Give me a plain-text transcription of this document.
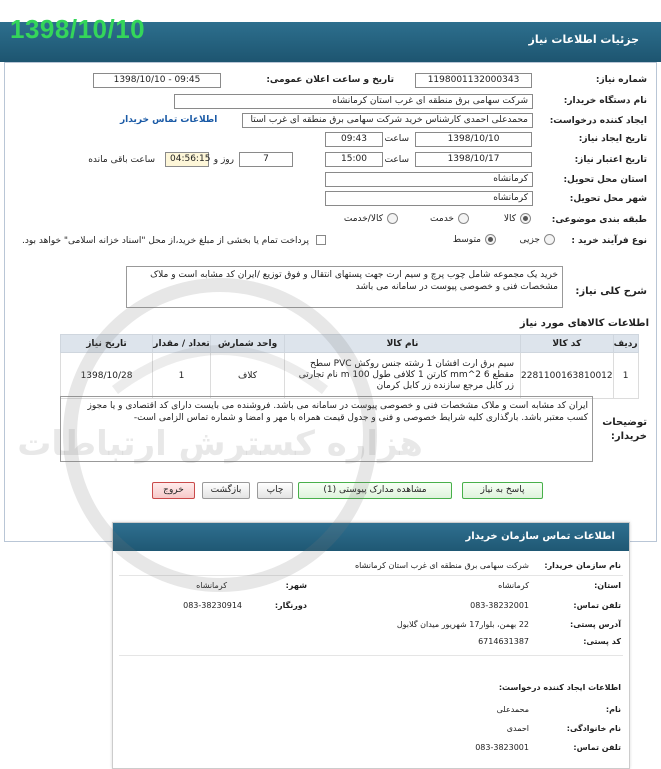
جزئیات اطلاعات نیاز
1398/10/10
شماره نیاز:
1198001132000343
تاریخ و ساعت اعلان عمومی:
1398/10/10 - 09:45
نام دستگاه خریدار:
شرکت سهامی برق منطقه ای غرب استان کرمانشاه
ایجاد کننده درخواست:
محمدعلی احمدی کارشناس خرید شرکت سهامی برق منطقه ای غرب استا
اطلاعات تماس خریدار
تاریخ ایجاد نیاز:
1398/10/10
ساعت
09:43
تاریخ اعتبار نیاز:
1398/10/17
ساعت
15:00
7
روز و
04:56:15
ساعت باقی مانده
استان محل تحویل:
کرمانشاه
شهر محل تحویل:
کرمانشاه
طبقه بندی موضوعی:
کالا
خدمت
کالا/خدمت
نوع فرآیند خرید :
جزیی
متوسط
پرداخت تمام یا بخشی از مبلغ خرید،از محل "اسناد خزانه اسلامی" خواهد بود.
شرح کلی نیاز:
خرید یک مجموعه شامل چوب پرچ و سیم ارت جهت پستهای انتقال و فوق توزیع /ایران کد مشابه است و ملاک مشخصات فنی و خصوصی پیوست در سامانه می باشد
اطلاعات کالاهای مورد نیاز
ردیف	کد کالا	نام کالا	واحد شمارش	تعداد / مقدار	تاریخ نیاز
1	2281100163810012	سیم برق ارت افشان 1 رشته جنس روکش PVC سطح مقطع 6 mm^2 کارتن 1 کلافی طول 100 m نام تجارتی زر کابل مرجع سازنده زر کابل کرمان	کلاف	1	1398/10/28
توضیحات خریدار:
ایران کد مشابه است و ملاک مشخصات فنی و خصوصی پیوست در سامانه می باشد. فروشنده می بایست دارای کد اقتصادی و یا مجوز کسب معتبر باشد. بارگذاری کلیه شرایط خصوصی و فنی و جدول قیمت همراه با مهر و امضا و شماره تماس الزامی است-
پاسخ به نیاز
مشاهده مدارک پیوستی (1)
چاپ
بازگشت
خروج
اطلاعات تماس سازمان خریدار
نام سازمان خریدار:
شرکت سهامی برق منطقه ای غرب استان کرمانشاه
استان:
کرمانشاه
شهر:
کرمانشاه
تلفن تماس:
083-38232001
دورنگار:
083-38230914
آدرس پستی:
22 بهمن، بلوار17 شهریور میدان گلابول
کد پستی:
6714631387
اطلاعات ایجاد کننده درخواست:
نام:
محمدعلی
نام خانوادگی:
احمدی
تلفن تماس:
083-3823001
